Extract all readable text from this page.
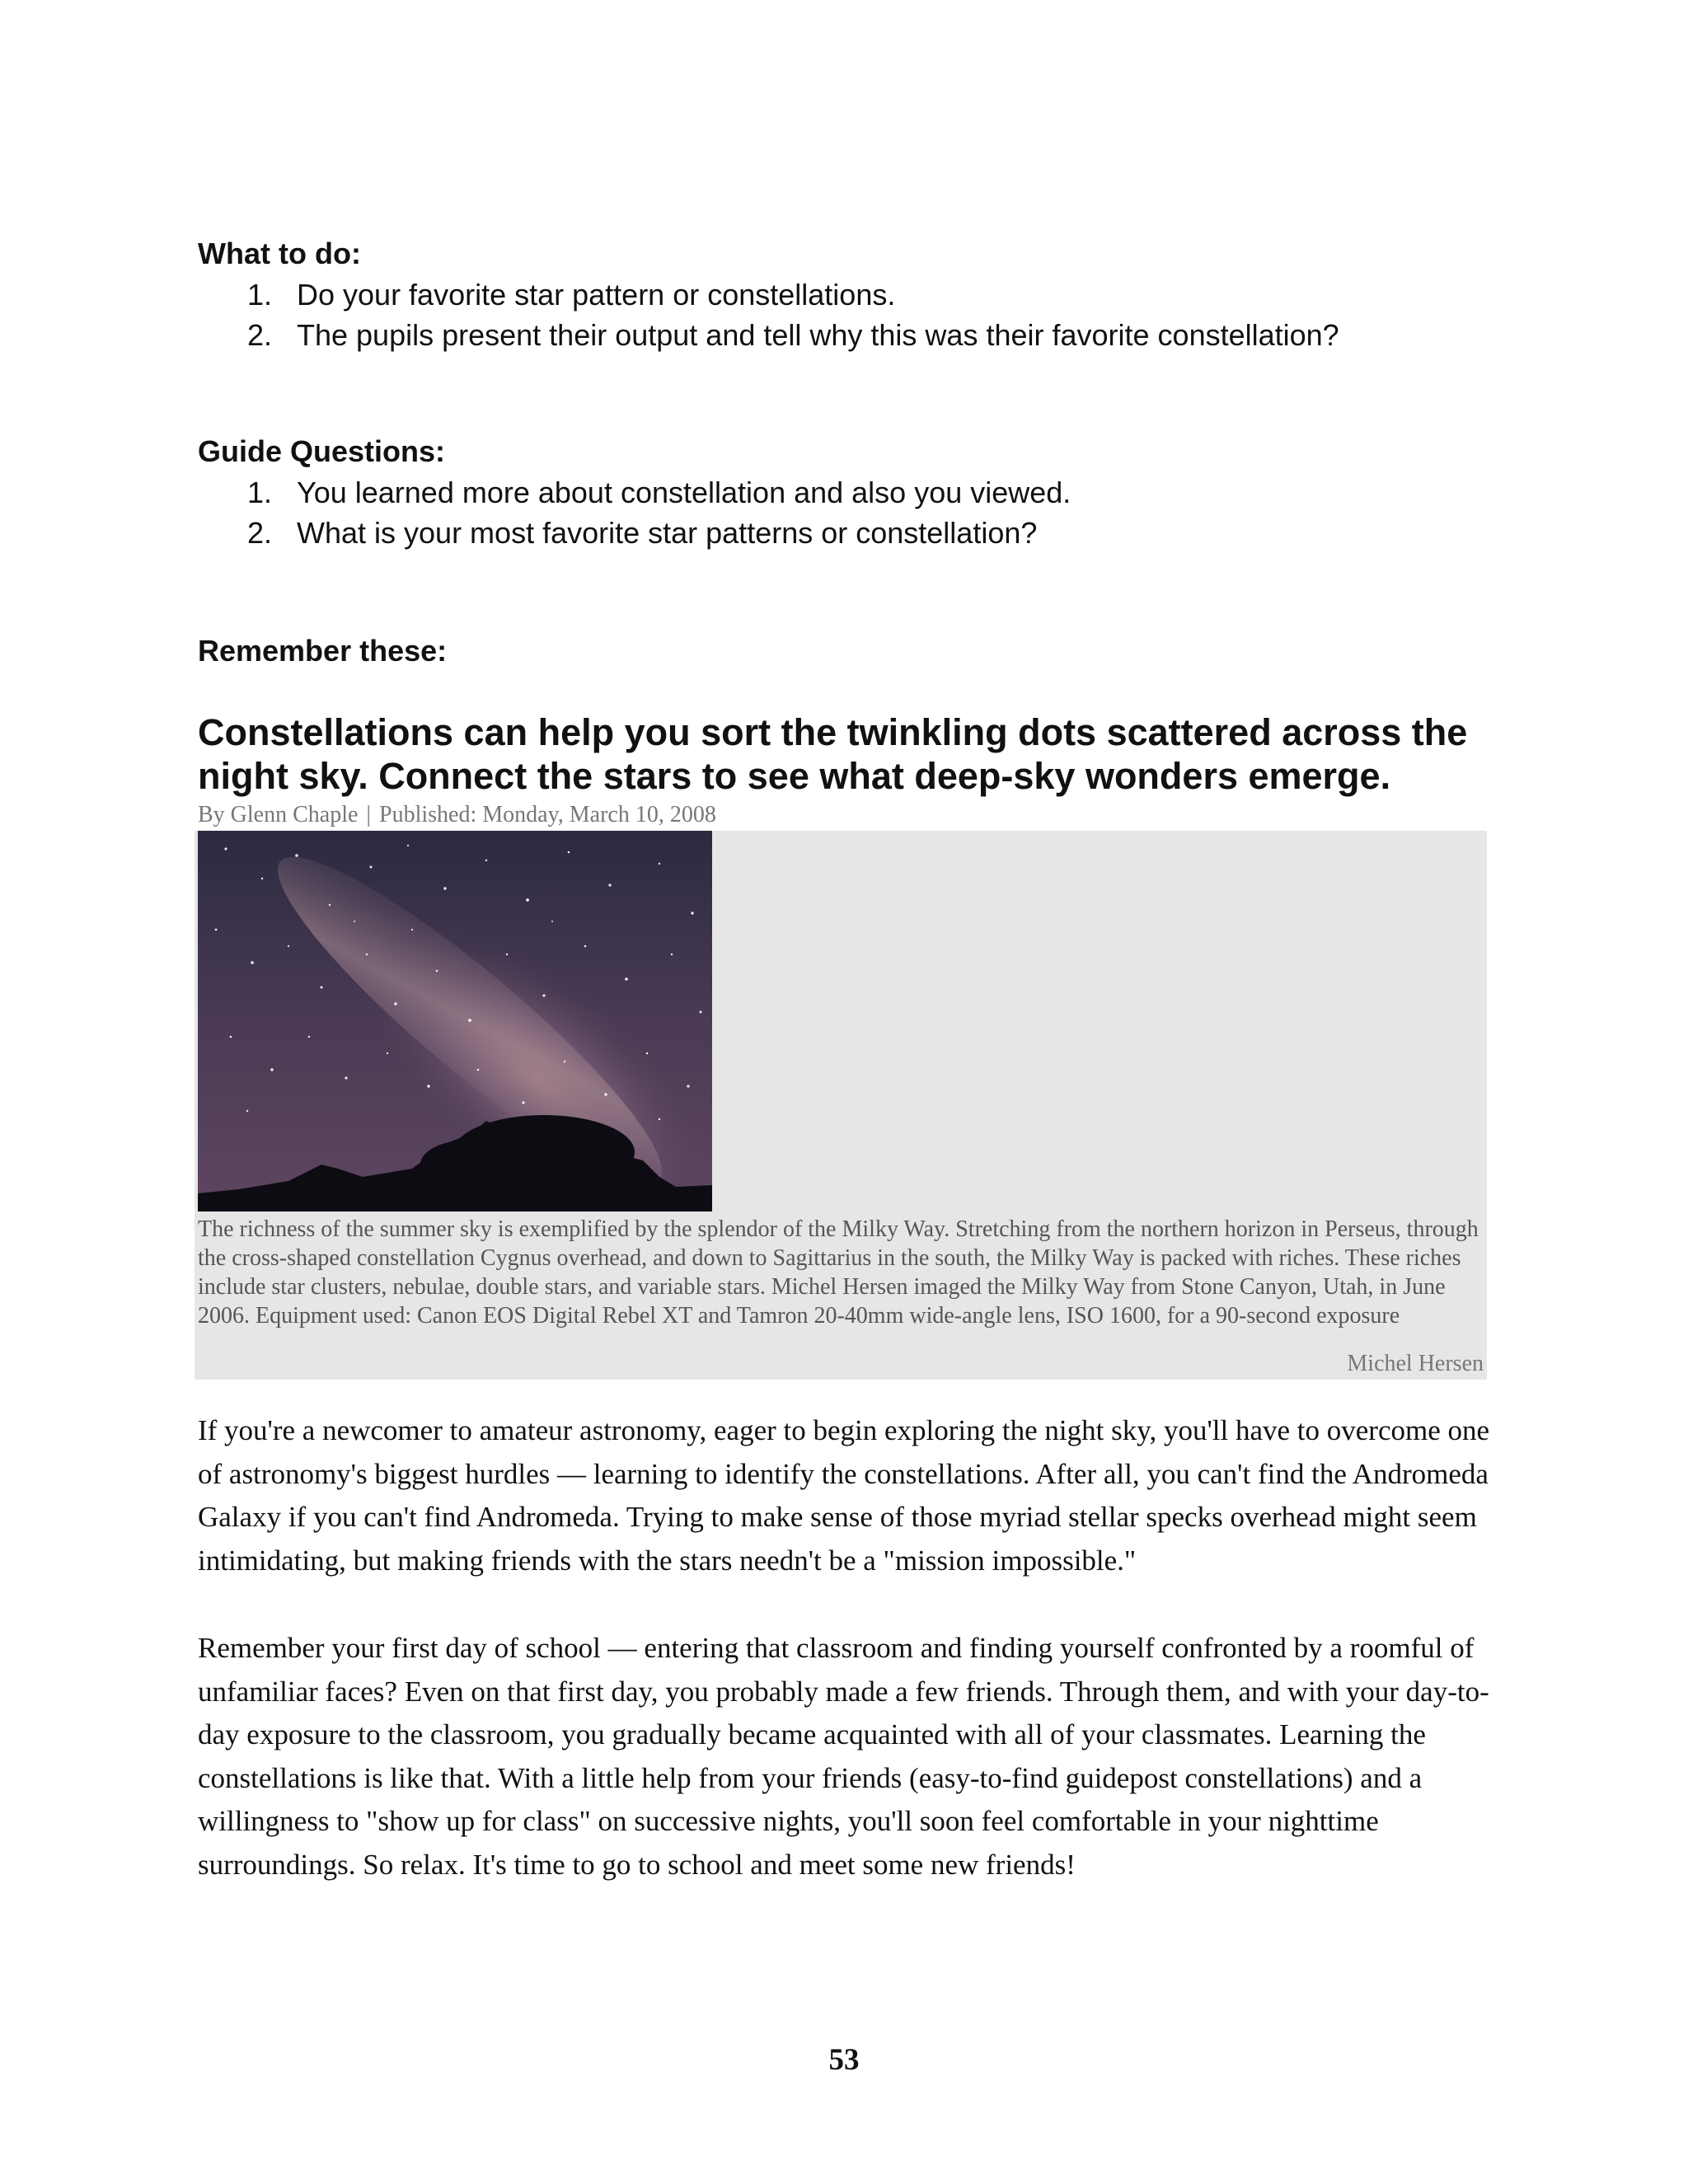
What to do:
1. Do your favorite star pattern or constellations.
2. The pupils present their output and tell why this was their favorite constellation?
Guide Questions:
1. You learned more about constellation and also you viewed.
2. What is your most favorite star patterns or constellation?
Remember these:
Constellations can help you sort the twinkling dots scattered across the night sky. Connect the stars to see what deep-sky wonders emerge.
By Glenn Chaple | Published: Monday, March 10, 2008

The richness of the summer sky is exemplified by the splendor of the Milky Way. Stretching from the northern horizon in Perseus, through the cross-shaped constellation Cygnus overhead, and down to Sagittarius in the south, the Milky Way is packed with riches. These riches include star clusters, nebulae, double stars, and variable stars. Michel Hersen imaged the Milky Way from Stone Canyon, Utah, in June 2006. Equipment used: Canon EOS Digital Rebel XT and Tamron 20-40mm wide-angle lens, ISO 1600, for a 90-second exposure

Michel Hersen

If you're a newcomer to amateur astronomy, eager to begin exploring the night sky, you'll have to overcome one of astronomy's biggest hurdles — learning to identify the constellations. After all, you can't find the Andromeda Galaxy if you can't find Andromeda. Trying to make sense of those myriad stellar specks overhead might seem intimidating, but making friends with the stars needn't be a "mission impossible."

Remember your first day of school — entering that classroom and finding yourself confronted by a roomful of unfamiliar faces? Even on that first day, you probably made a few friends. Through them, and with your day-to-day exposure to the classroom, you gradually became acquainted with all of your classmates. Learning the constellations is like that. With a little help from your friends (easy-to-find guidepost constellations) and a willingness to "show up for class" on successive nights, you'll soon feel comfortable in your nighttime surroundings. So relax. It's time to go to school and meet some new friends!

53
